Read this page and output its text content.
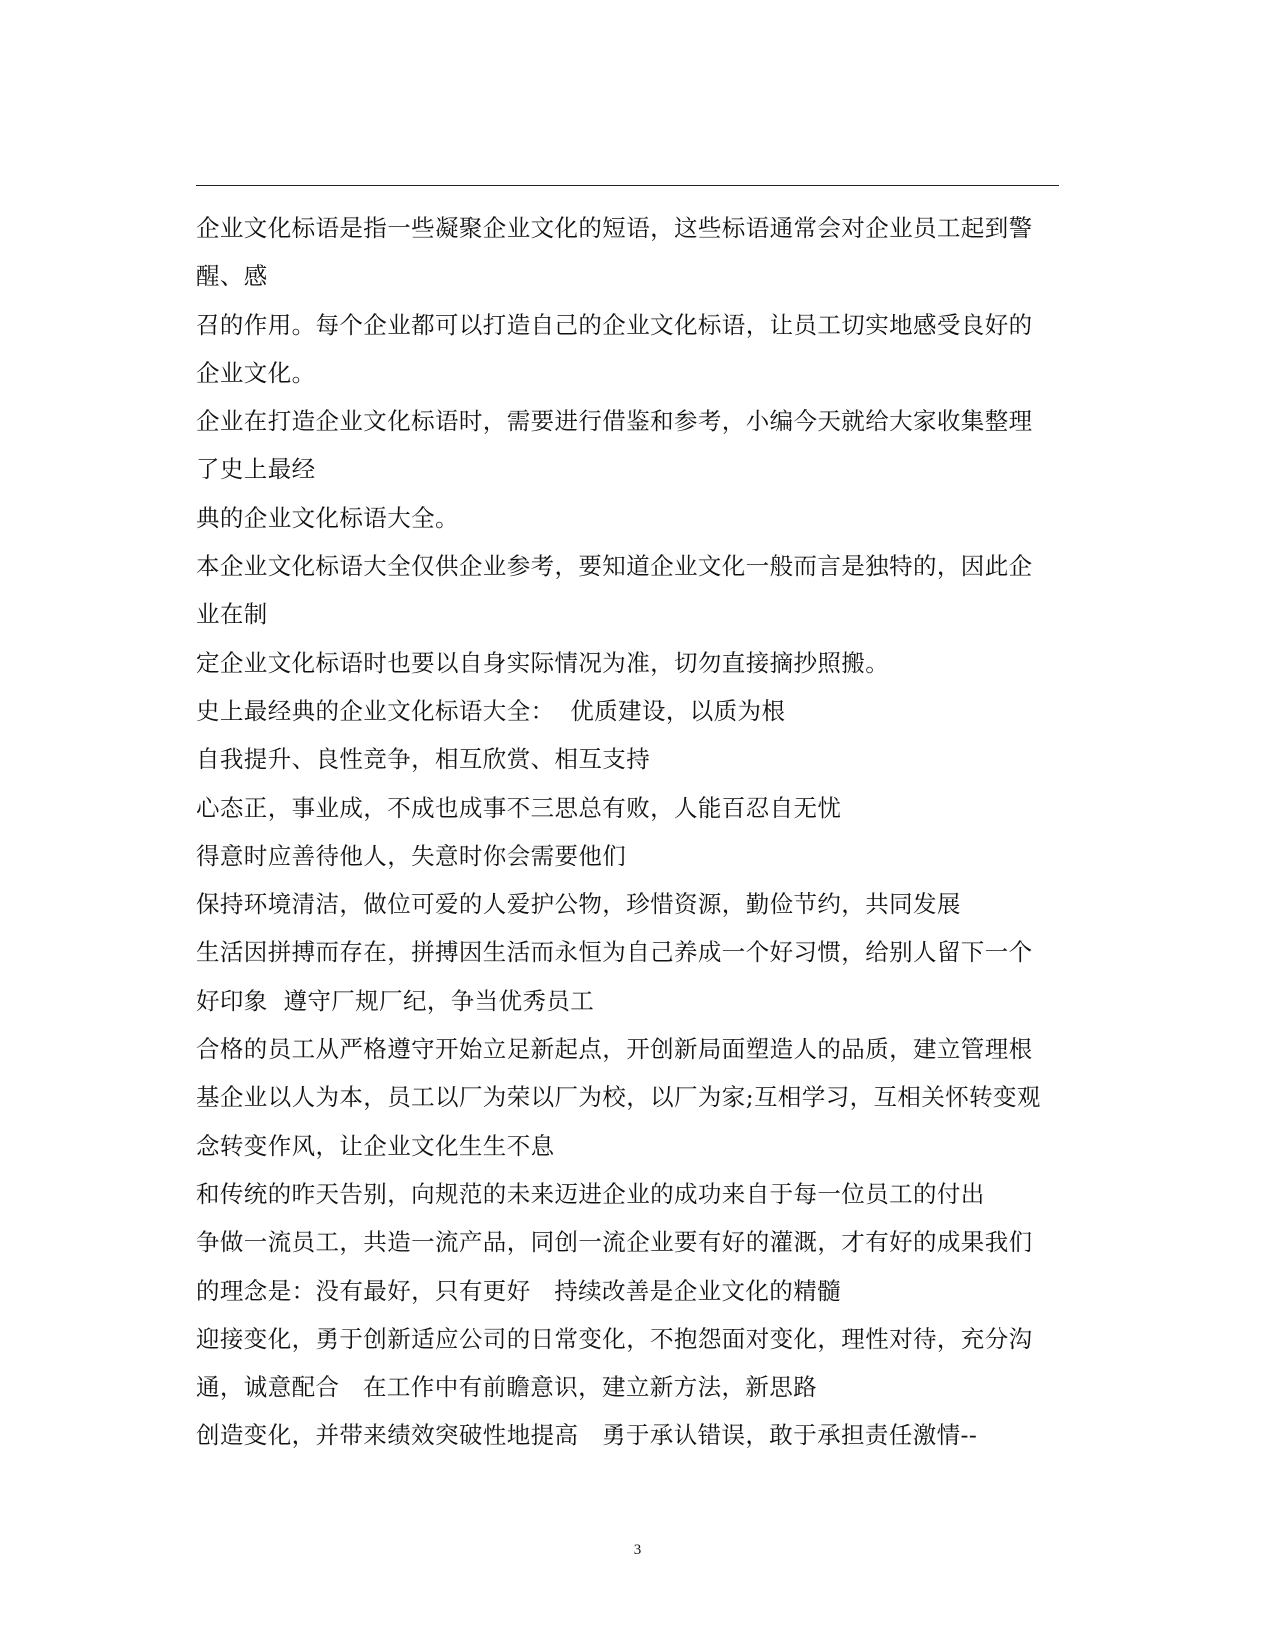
企业文化标语是指一些凝聚企业文化的短语，这些标语通常会对企业员工起到警
醒、感
召的作用。每个企业都可以打造自己的企业文化标语，让员工切实地感受良好的
企业文化。
企业在打造企业文化标语时，需要进行借鉴和参考，小编今天就给大家收集整理
了史上最经
典的企业文化标语大全。
本企业文化标语大全仅供企业参考，要知道企业文化一般而言是独特的，因此企
业在制
定企业文化标语时也要以自身实际情况为准，切勿直接摘抄照搬。
史上最经典的企业文化标语大全：  优质建设，以质为根
自我提升、良性竞争，相互欣赏、相互支持
心态正，事业成，不成也成事不三思总有败，人能百忍自无忧
得意时应善待他人，失意时你会需要他们
保持环境清洁，做位可爱的人爱护公物，珍惜资源，勤俭节约，共同发展
生活因拼搏而存在，拼搏因生活而永恒为自己养成一个好习惯，给别人留下一个
好印象  遵守厂规厂纪，争当优秀员工
合格的员工从严格遵守开始立足新起点，开创新局面塑造人的品质，建立管理根
基企业以人为本，员工以厂为荣以厂为校，以厂为家;互相学习，互相关怀转变观
念转变作风，让企业文化生生不息
和传统的昨天告别，向规范的未来迈进企业的成功来自于每一位员工的付出
争做一流员工，共造一流产品，同创一流企业要有好的灌溉，才有好的成果我们
的理念是：没有最好，只有更好   持续改善是企业文化的精髓
迎接变化，勇于创新适应公司的日常变化，不抱怨面对变化，理性对待，充分沟
通，诚意配合   在工作中有前瞻意识，建立新方法，新思路
创造变化，并带来绩效突破性地提高   勇于承认错误，敢于承担责任激情--
3
